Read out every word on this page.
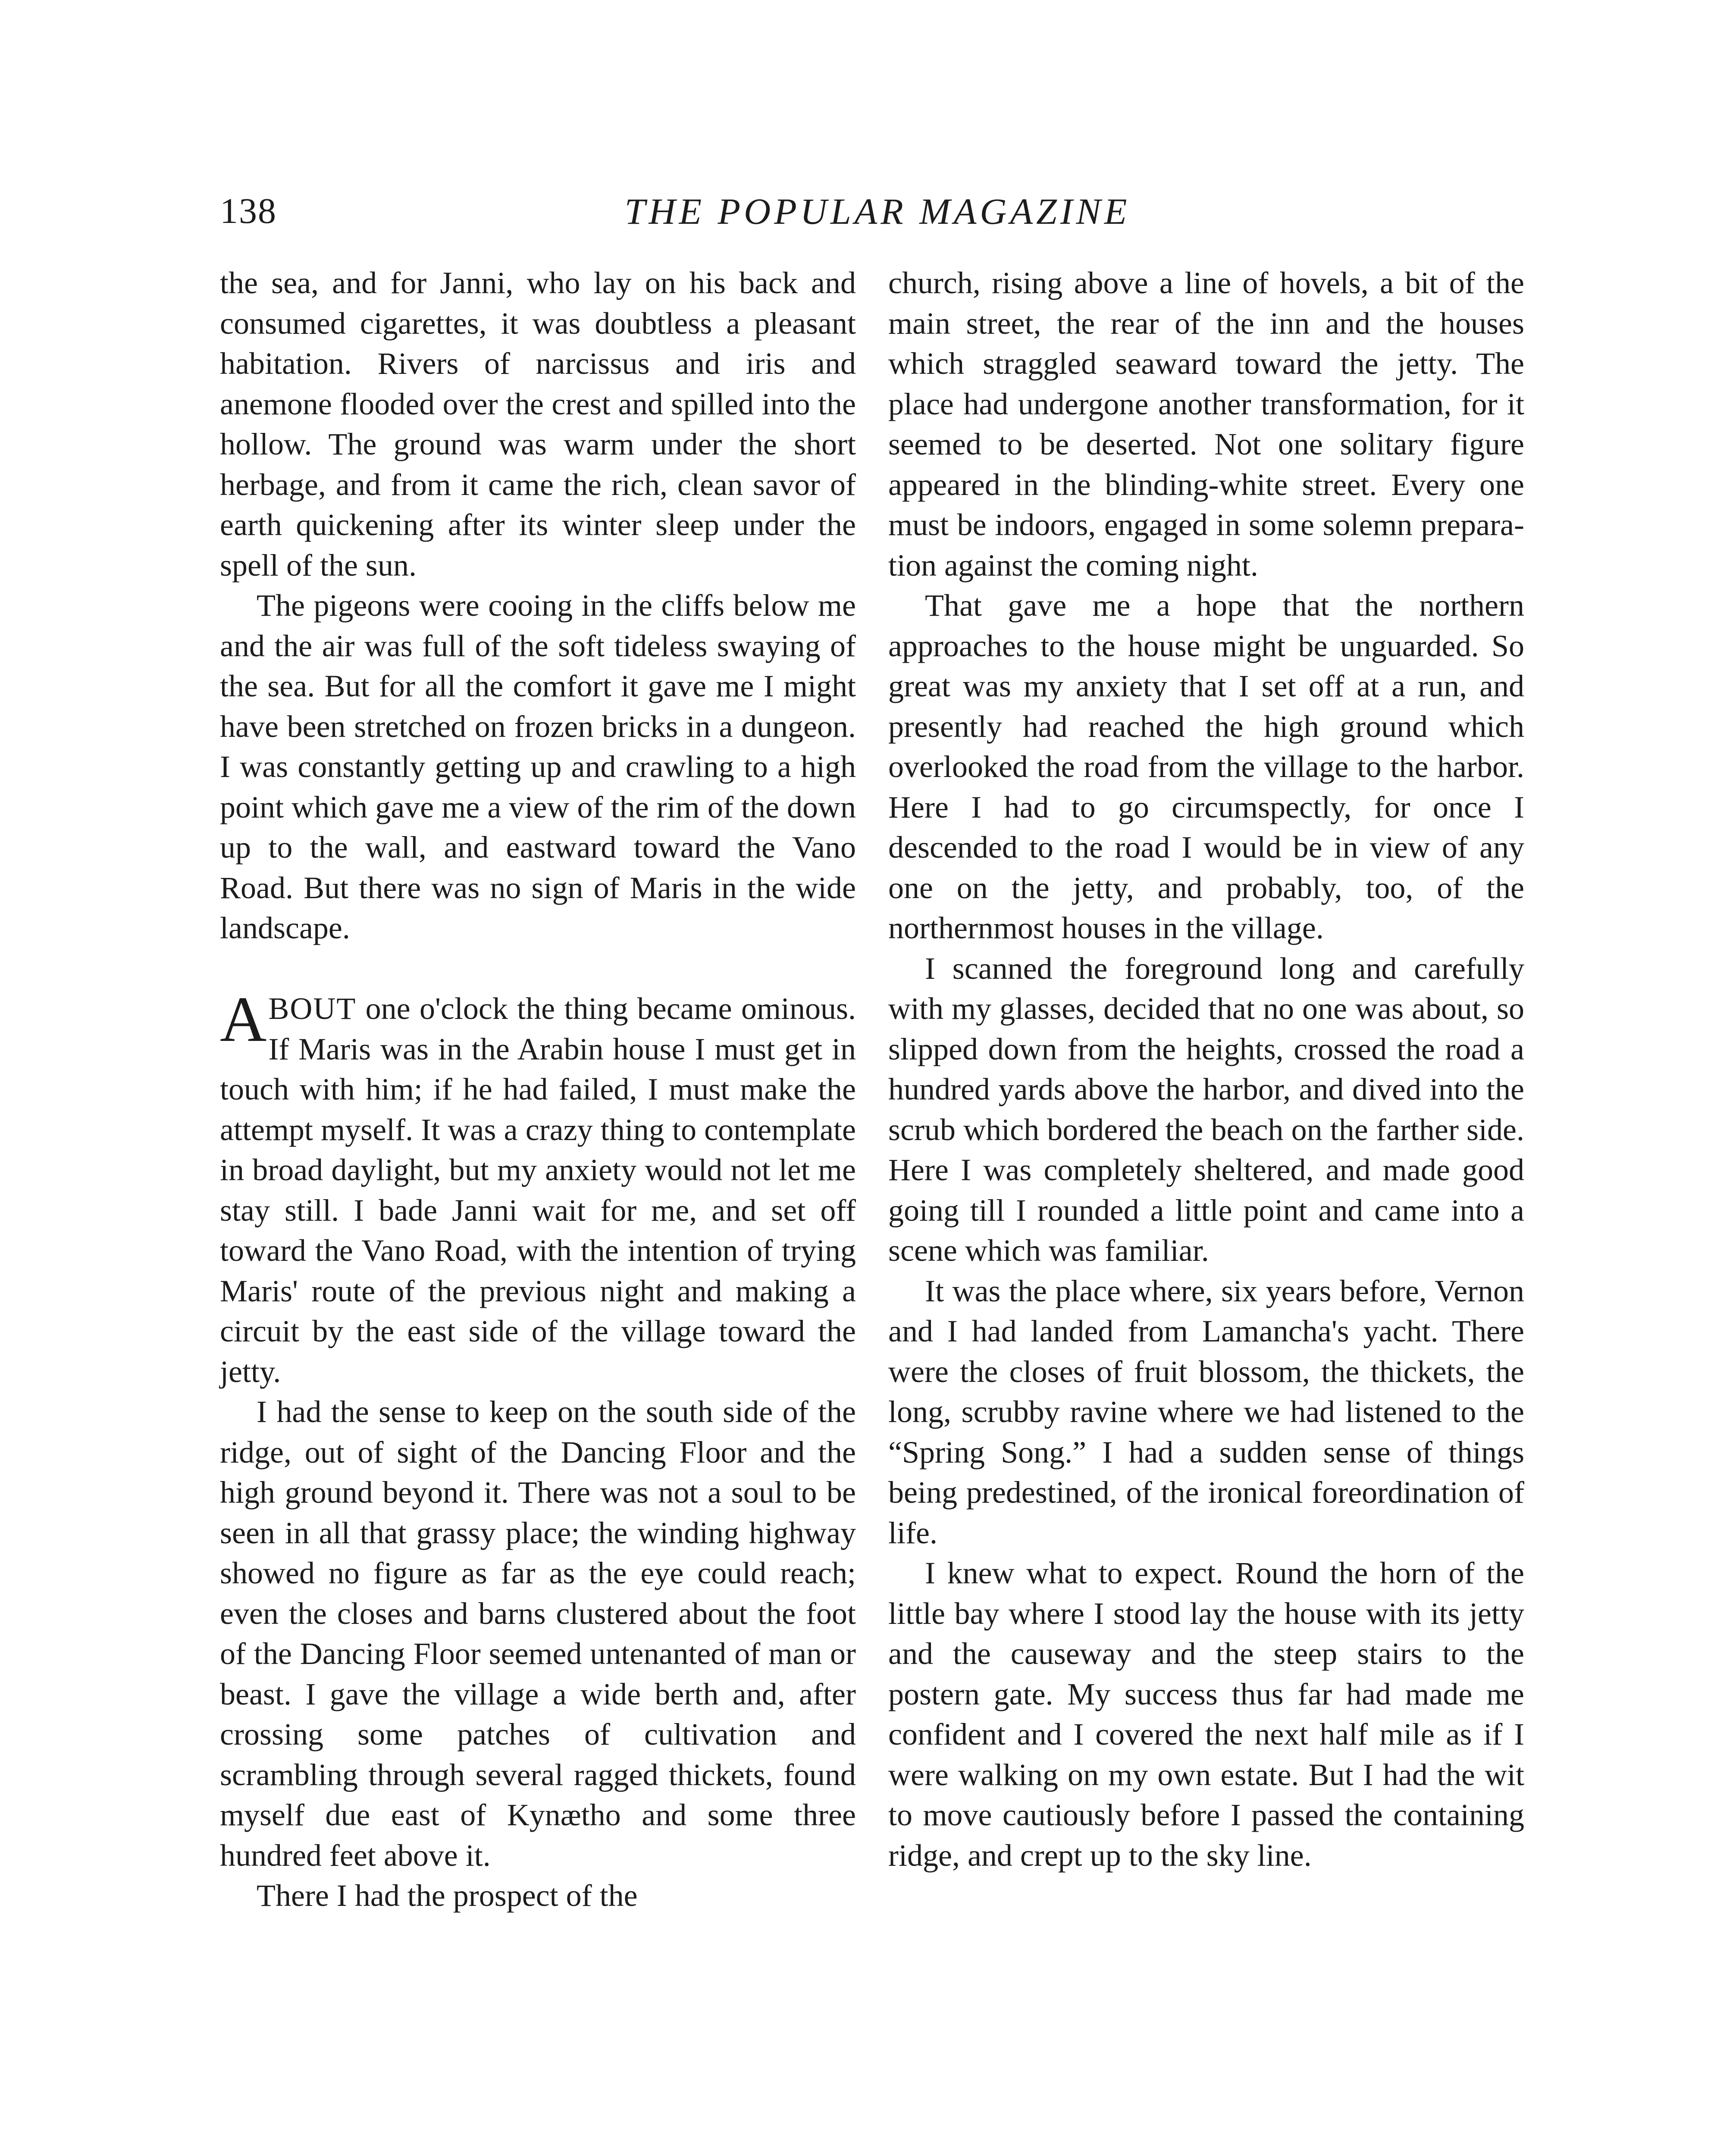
138	THE POPULAR MAGAZINE

the sea, and for Janni, who lay on his back and consumed cigarettes, it was doubtless a pleasant habitation. Rivers of narcissus and iris and anemone flooded over the crest and spilled into the hollow. The ground was warm under the short herbage, and from it came the rich, clean savor of earth quickening after its winter sleep under the spell of the sun.

The pigeons were cooing in the cliffs below me and the air was full of the soft tideless swaying of the sea. But for all the comfort it gave me I might have been stretched on frozen bricks in a dungeon. I was constantly getting up and crawling to a high point which gave me a view of the rim of the down up to the wall, and eastward toward the Vano Road. But there was no sign of Maris in the wide landscape.

ABOUT one o'clock the thing became ominous. If Maris was in the Arabin house I must get in touch with him; if he had failed, I must make the attempt myself. It was a crazy thing to contemplate in broad daylight, but my anxiety would not let me stay still. I bade Janni wait for me, and set off toward the Vano Road, with the intention of trying Maris' route of the previous night and making a circuit by the east side of the village toward the jetty.

I had the sense to keep on the south side of the ridge, out of sight of the Dancing Floor and the high ground beyond it. There was not a soul to be seen in all that grassy place; the winding highway showed no figure as far as the eye could reach; even the closes and barns clustered about the foot of the Dancing Floor seemed untenanted of man or beast. I gave the village a wide berth and, after crossing some patches of cultivation and scrambling through several ragged thickets, found myself due east of Kynætho and some three hundred feet above it.

There I had the prospect of the

church, rising above a line of hovels, a bit of the main street, the rear of the inn and the houses which straggled seaward toward the jetty. The place had undergone another transformation, for it seemed to be deserted. Not one solitary figure appeared in the blinding-white street. Every one must be indoors, engaged in some solemn preparation against the coming night.

That gave me a hope that the northern approaches to the house might be unguarded. So great was my anxiety that I set off at a run, and presently had reached the high ground which overlooked the road from the village to the harbor. Here I had to go circumspectly, for once I descended to the road I would be in view of any one on the jetty, and probably, too, of the northernmost houses in the village.

I scanned the foreground long and carefully with my glasses, decided that no one was about, so slipped down from the heights, crossed the road a hundred yards above the harbor, and dived into the scrub which bordered the beach on the farther side. Here I was completely sheltered, and made good going till I rounded a little point and came into a scene which was familiar.

It was the place where, six years before, Vernon and I had landed from Lamancha's yacht. There were the closes of fruit blossom, the thickets, the long, scrubby ravine where we had listened to the “Spring Song.” I had a sudden sense of things being predestined, of the ironical foreordination of life.

I knew what to expect. Round the horn of the little bay where I stood lay the house with its jetty and the causeway and the steep stairs to the postern gate. My success thus far had made me confident and I covered the next half mile as if I were walking on my own estate. But I had the wit to move cautiously before I passed the containing ridge, and crept up to the sky line.
